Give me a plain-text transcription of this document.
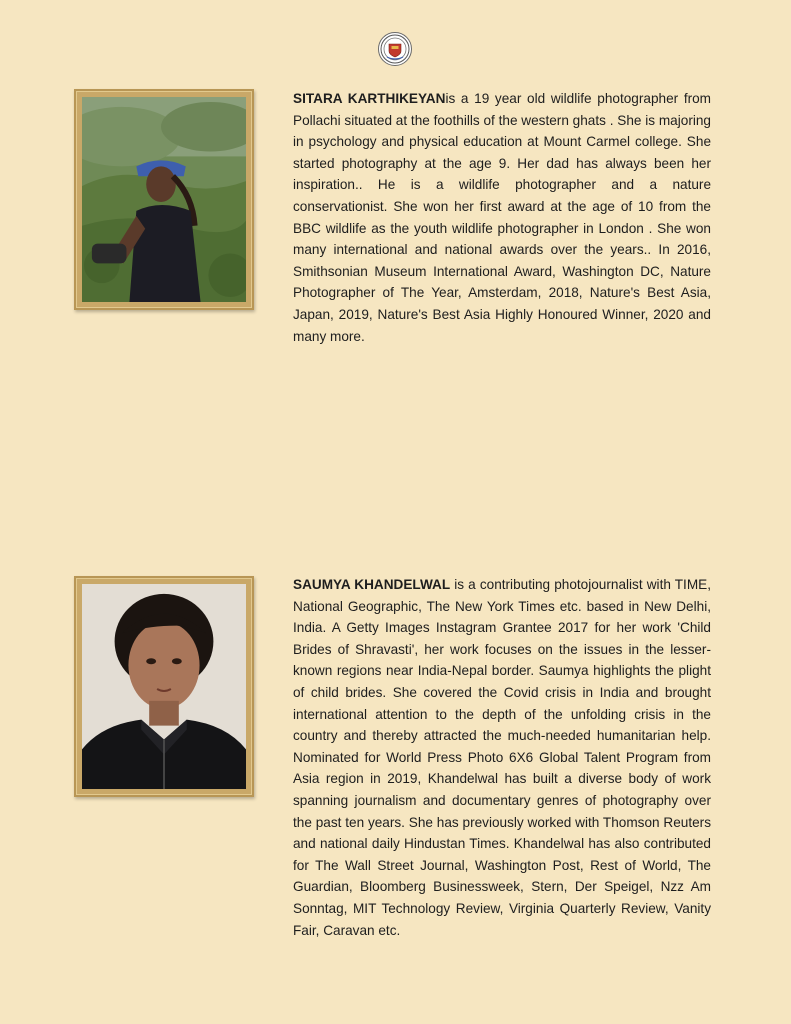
SITARA KARTHIKEYANis a 19 year old wildlife photographer from Pollachi situated at the foothills of the western ghats . She is majoring in psychology and physical education at Mount Carmel college. She started photography at the age 9. Her dad has always been her inspiration.. He is a wildlife photographer and a nature conservationist. She won her first award at the age of 10 from the BBC wildlife as the youth wildlife photographer in London . She won many international and national awards over the years.. In 2016, Smithsonian Museum International Award, Washington DC, Nature Photographer of The Year, Amsterdam, 2018, Nature's Best Asia, Japan, 2019, Nature's Best Asia Highly Honoured Winner, 2020 and many more.

SAUMYA KHANDELWAL is a contributing photojournalist with TIME, National Geographic, The New York Times etc. based in New Delhi, India. A Getty Images Instagram Grantee 2017 for her work 'Child Brides of Shravasti', her work focuses on the issues in the lesser-known regions near India-Nepal border. Saumya highlights the plight of child brides. She covered the Covid crisis in India and brought international attention to the depth of the unfolding crisis in the country and thereby attracted the much-needed humanitarian help. Nominated for World Press Photo 6X6 Global Talent Program from Asia region in 2019, Khandelwal has built a diverse body of work spanning journalism and documentary genres of photography over the past ten years. She has previously worked with Thomson Reuters and national daily Hindustan Times. Khandelwal has also contributed for The Wall Street Journal, Washington Post, Rest of World, The Guardian, Bloomberg Businessweek, Stern, Der Speigel, Nzz Am Sonntag, MIT Technology Review, Virginia Quarterly Review, Vanity Fair, Caravan etc.
